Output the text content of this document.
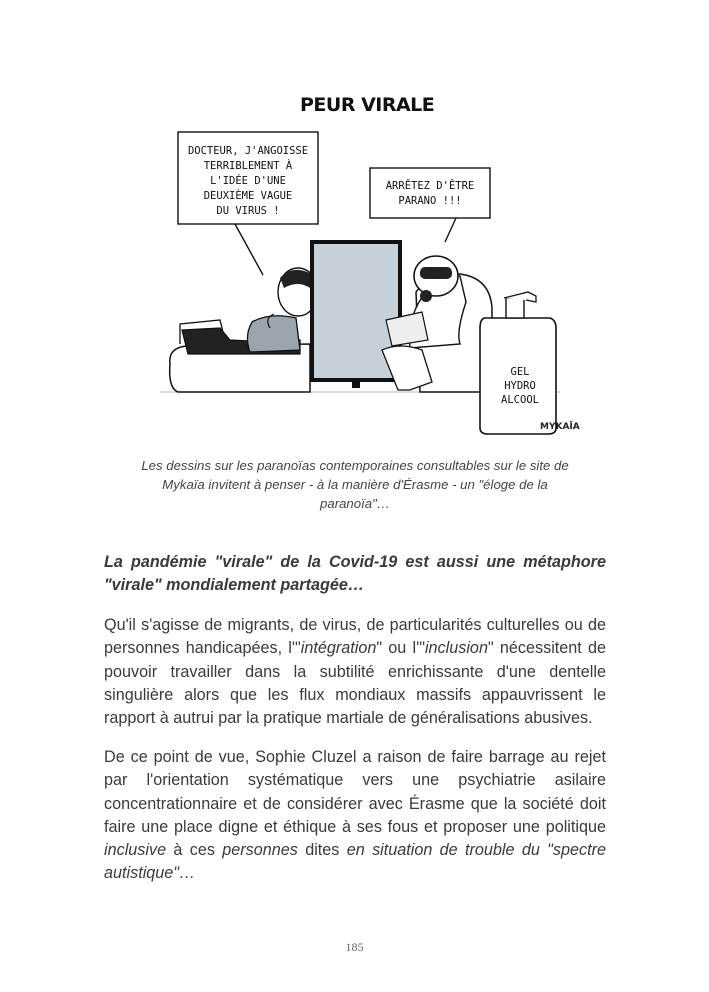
PEUR VIRALE
DOCTEUR, J'ANGOISSE
TERRIBLEMENT À
L'IDÉE D'UNE
DEUXIÈME VAGUE
DU VIRUS !
ARRÊTEZ D'ÊTRE
PARANO !!!
GEL
HYDRO
ALCOOL
MYKAÏA
Les dessins sur les paranoïas contemporaines consultables sur le site de Mykaïa invitent à penser - à la manière d'Érasme - un "éloge de la paranoïa"…
La pandémie "virale" de la Covid-19 est aussi une métaphore "virale" mondialement partagée…
Qu'il s'agisse de migrants, de virus, de particularités culturelles ou de personnes handicapées, l'"intégration" ou l'"inclusion" nécessitent de pouvoir travailler dans la subtilité enrichissante d'une dentelle singulière alors que les flux mondiaux massifs appauvrissent le rapport à autrui par la pratique martiale de généralisations abusives.
De ce point de vue, Sophie Cluzel a raison de faire barrage au rejet par l'orientation systématique vers une psychiatrie asilaire concentrationnaire et de considérer avec Érasme que la société doit faire une place digne et éthique à ses fous et proposer une politique inclusive à ces personnes dites en situation de trouble du "spectre autistique"…
185
